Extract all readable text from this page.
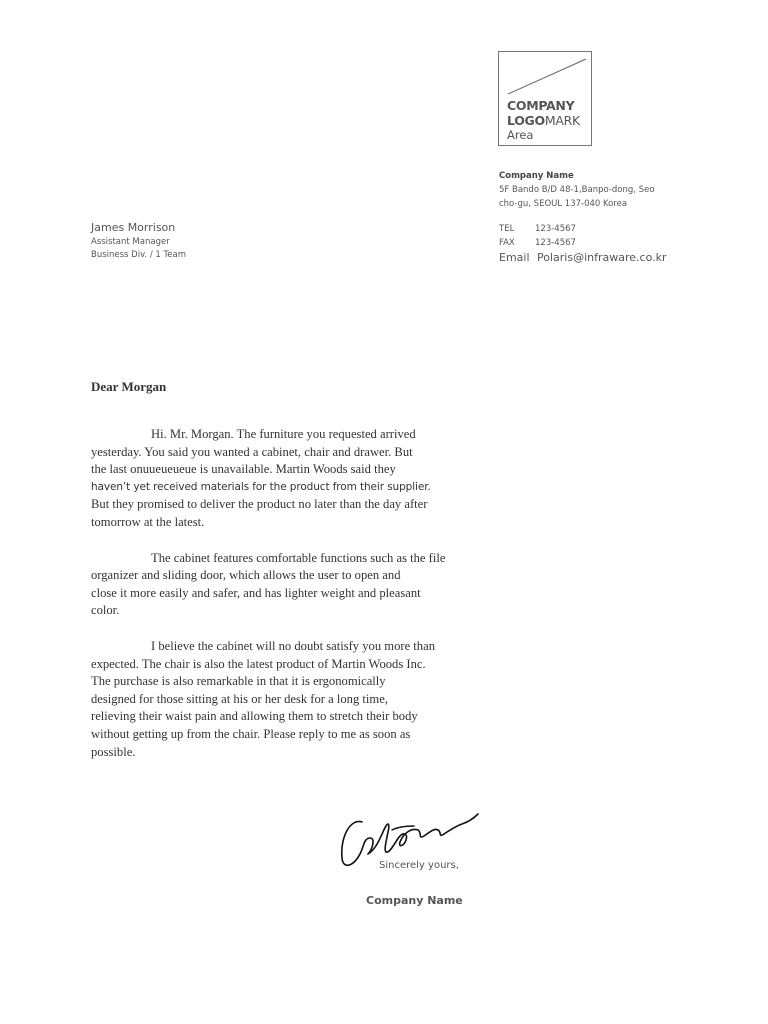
COMPANY
LOGOMARK
Area
Company Name
5F Bando B/D 48-1,Banpo-dong, Seo
cho-gu, SEOUL 137-040 Korea
TEL 123-4567
FAX 123-4567
Email Polaris@infraware.co.kr
James Morrison
Assistant Manager
Business Div. / 1 Team
Dear Morgan
Hi. Mr. Morgan. The furniture you requested arrived
yesterday. You said you wanted a cabinet, chair and drawer. But
the last onuueueueue is unavailable. Martin Woods said they
haven’t yet received materials for the product from their supplier.
But they promised to deliver the product no later than the day after
tomorrow at the latest.
The cabinet features comfortable functions such as the file
organizer and sliding door, which allows the user to open and
close it more easily and safer, and has lighter weight and pleasant
color.
I believe the cabinet will no doubt satisfy you more than
expected. The chair is also the latest product of Martin Woods Inc.
The purchase is also remarkable in that it is ergonomically
designed for those sitting at his or her desk for a long time,
relieving their waist pain and allowing them to stretch their body
without getting up from the chair. Please reply to me as soon as
possible.
Sincerely yours,
Company Name
